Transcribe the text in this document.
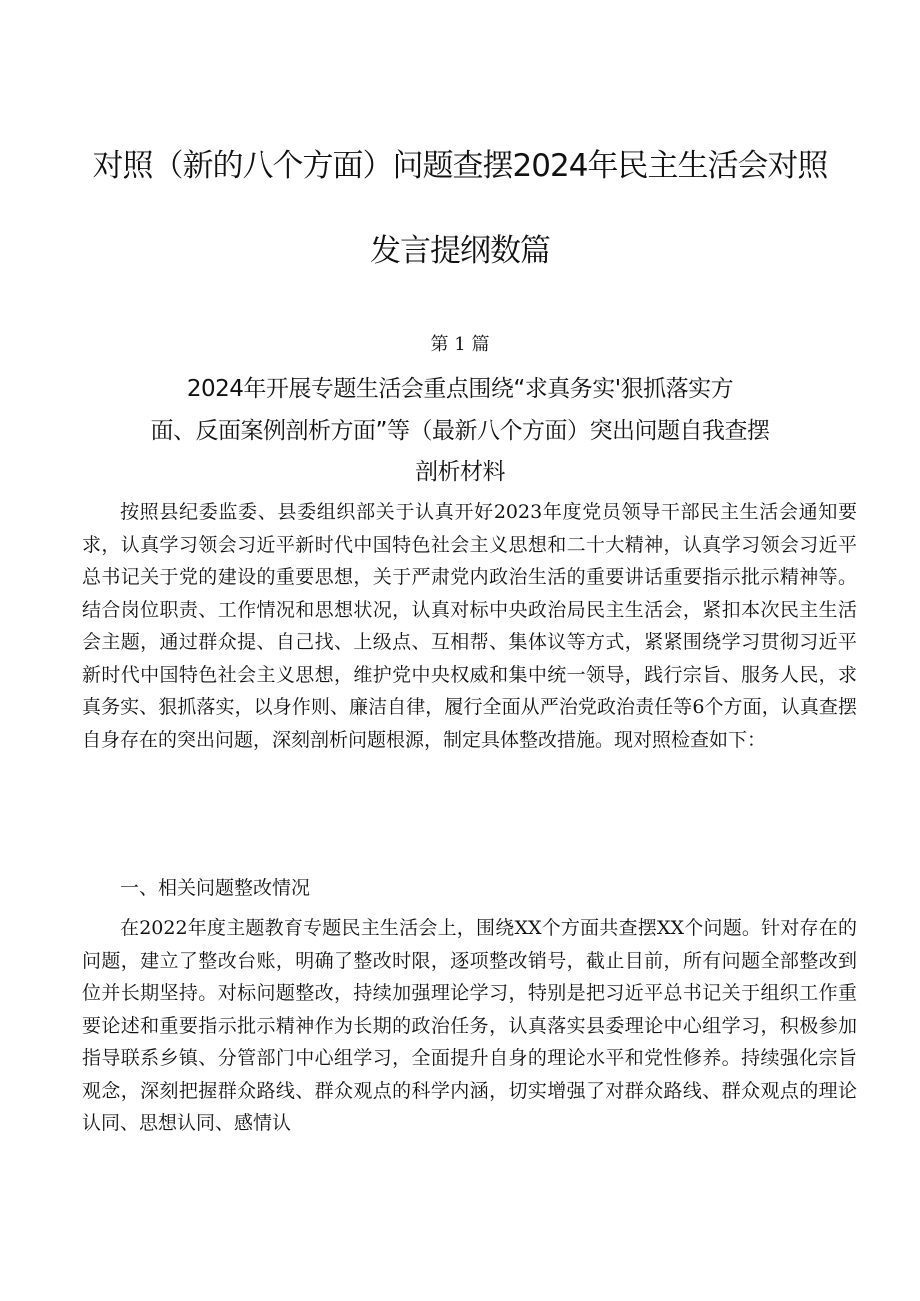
对照（新的八个方面）问题查摆2024年民主生活会对照
发言提纲数篇
第 1 篇
2024年开展专题生活会重点围绕“求真务实'狠抓落实方
面、反面案例剖析方面”等（最新八个方面）突出问题自我查摆
剖析材料

按照县纪委监委、县委组织部关于认真开好2023年度党员领导干部民主生活会通知要求，认真学习领会习近平新时代中国特色社会主义思想和二十大精神，认真学习领会习近平总书记关于党的建设的重要思想，关于严肃党内政治生活的重要讲话重要指示批示精神等。结合岗位职责、工作情况和思想状况，认真对标中央政治局民主生活会，紧扣本次民主生活会主题，通过群众提、自己找、上级点、互相帮、集体议等方式，紧紧围绕学习贯彻习近平新时代中国特色社会主义思想，维护党中央权威和集中统一领导，践行宗旨、服务人民，求真务实、狠抓落实，以身作则、廉洁自律，履行全面从严治党政治责任等6个方面，认真查摆自身存在的突出问题，深刻剖析问题根源，制定具体整改措施。现对照检查如下：

一、相关问题整改情况

在2022年度主题教育专题民主生活会上，围绕XX个方面共查摆XX个问题。针对存在的问题，建立了整改台账，明确了整改时限，逐项整改销号，截止目前，所有问题全部整改到位并长期坚持。对标问题整改，持续加强理论学习，特别是把习近平总书记关于组织工作重要论述和重要指示批示精神作为长期的政治任务，认真落实县委理论中心组学习，积极参加指导联系乡镇、分管部门中心组学习，全面提升自身的理论水平和党性修养。持续强化宗旨观念，深刻把握群众路线、群众观点的科学内涵，切实增强了对群众路线、群众观点的理论认同、思想认同、感情认
